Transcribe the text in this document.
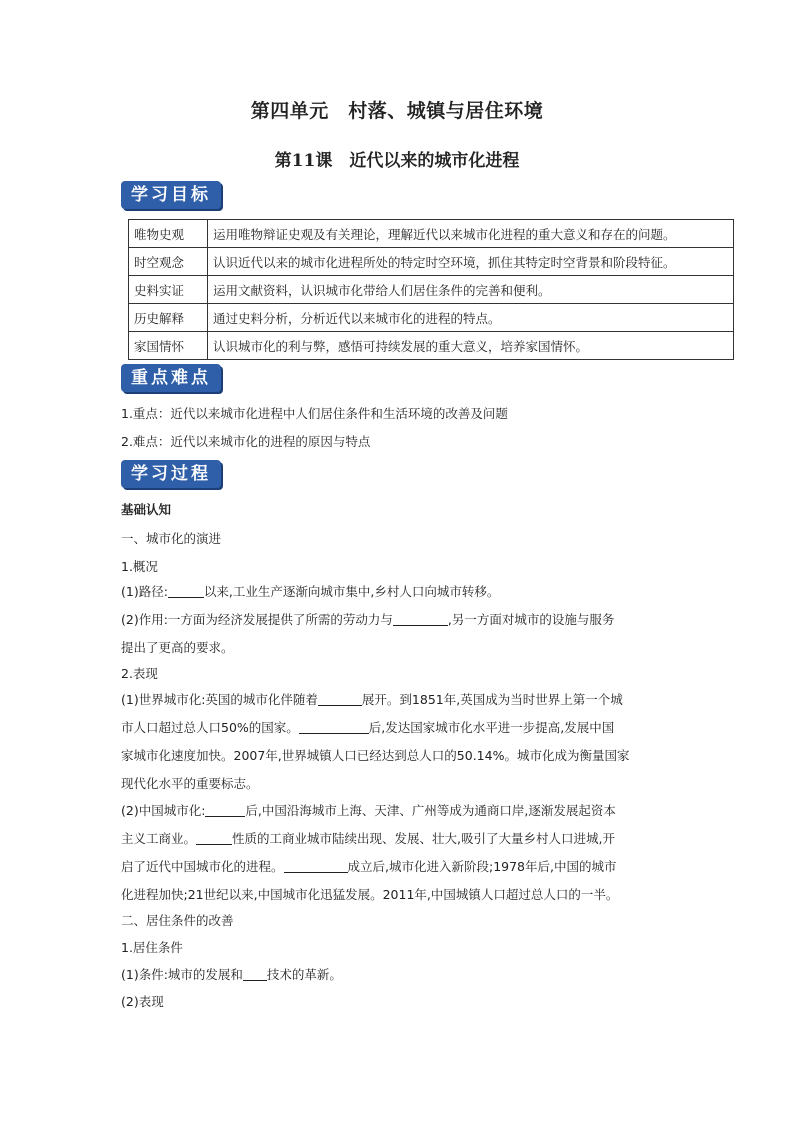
第四单元　村落、城镇与居住环境
第11课　近代以来的城市化进程
学习目标
唯物史观	运用唯物辩证史观及有关理论，理解近代以来城市化进程的重大意义和存在的问题。
时空观念	认识近代以来的城市化进程所处的特定时空环境，抓住其特定时空背景和阶段特征。
史料实证	运用文献资料，认识城市化带给人们居住条件的完善和便利。
历史解释	通过史料分析，分析近代以来城市化的进程的特点。
家国情怀	认识城市化的利与弊，感悟可持续发展的重大意义，培养家国情怀。
重点难点
1.重点：近代以来城市化进程中人们居住条件和生活环境的改善及问题
2.难点：近代以来城市化的进程的原因与特点
学习过程
基础认知
一、城市化的演进
1.概况
(1)路径:	以来,工业生产逐渐向城市集中,乡村人口向城市转移。
(2)作用:一方面为经济发展提供了所需的劳动力与	,另一方面对城市的设施与服务
提出了更高的要求。
2.表现
(1)世界城市化:英国的城市化伴随着	展开。到1851年,英国成为当时世界上第一个城
市人口超过总人口50%的国家。	后,发达国家城市化水平进一步提高,发展中国
家城市化速度加快。2007年,世界城镇人口已经达到总人口的50.14%。城市化成为衡量国家
现代化水平的重要标志。
(2)中国城市化:	后,中国沿海城市上海、天津、广州等成为通商口岸,逐渐发展起资本
主义工商业。	性质的工商业城市陆续出现、发展、壮大,吸引了大量乡村人口进城,开
启了近代中国城市化的进程。	成立后,城市化进入新阶段;1978年后,中国的城市
化进程加快;21世纪以来,中国城市化迅猛发展。2011年,中国城镇人口超过总人口的一半。
二、居住条件的改善
1.居住条件
(1)条件:城市的发展和 技术的革新。
(2)表现
